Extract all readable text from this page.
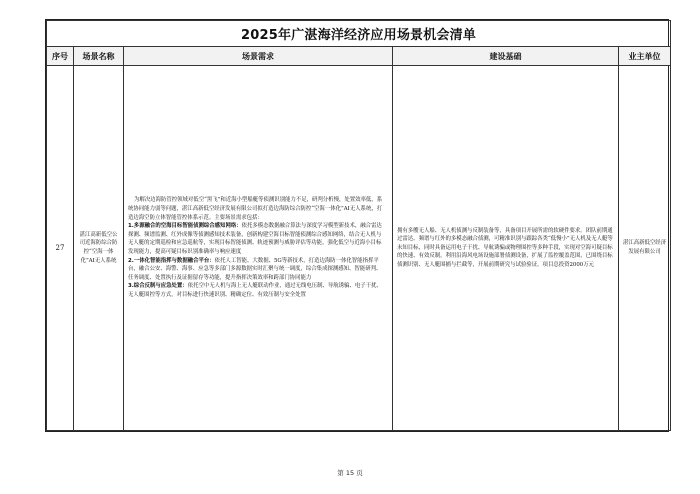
2025年广湛海洋经济应用场景机会清单				
序号	场景名称	场景需求	建设基础	业主单位
27	湛江高新低空公司近海防综合防控“空海一体化”AI无人系统	为解决边海防管控领域对低空“黑飞”和近海小型船艇等侦测识别能力不足，研判分析慢，处置效率低，系统协同能力弱等问题，湛江高新低空经济发展有限公司拟打造边海防综合防控“空海一体化”AI无人系统，打造边海空防立体智能管控体系示范。主要场景需求包括：

1.多源融合的空海目标智能侦测综合感知网络：依托多模态数据融合算法与深度学习模型新技术，融合雷达探测、频谱监测、红外成像等侦测感知技术装备，创新构建空海目标智能侦测综合感知网络，结合无人机与无人艇的定期巡检和应急巡航等，实现目标智能侦测、轨迹预测与威胁评估等功能，强化低空与近海小目标发现能力，提高可疑目标识别准确率与响应速度

2.一体化智能指挥与数据融合平台：依托人工智能、大数据、5G等新技术，打造边海防一体化智能指挥平台，融合公安、海警、海事、应急等多部门多源数据实时汇聚与统一调度，综合集成探测感知、智能研判、任务调度、处置执行及证据留存等功能，提升指挥决策效率和跨部门协同能力

3.综合反制与应急处置：依托空中无人机与海上无人艇联动作业，通过无线电压制、导航诱骗、电子干扰、无人艇围控等方式，对目标进行快速识别、精确定位、有效压制与安全处置	拥有多艘无人船、无人机侦测与反制装备等，具备项目开展所需的软硬件要求。团队前期通过雷达、频谱与红外的多模态融合侦测，可精准识别与跟踪各类“低慢小”无人机及无人艇等未知目标，同时具备运用电子干扰、导航诱骗或物理围控等多种手段，实现对空海可疑目标的快速、有效反制。利用沿海风电场设施部署侦测设备，扩展了监控覆盖范围，已围绕目标侦测识别、无人艇围捕与拦截等，开展前期研究与试验验证。项目总投资2000万元	湛江高新低空经济发展有限公司
第 15 页
